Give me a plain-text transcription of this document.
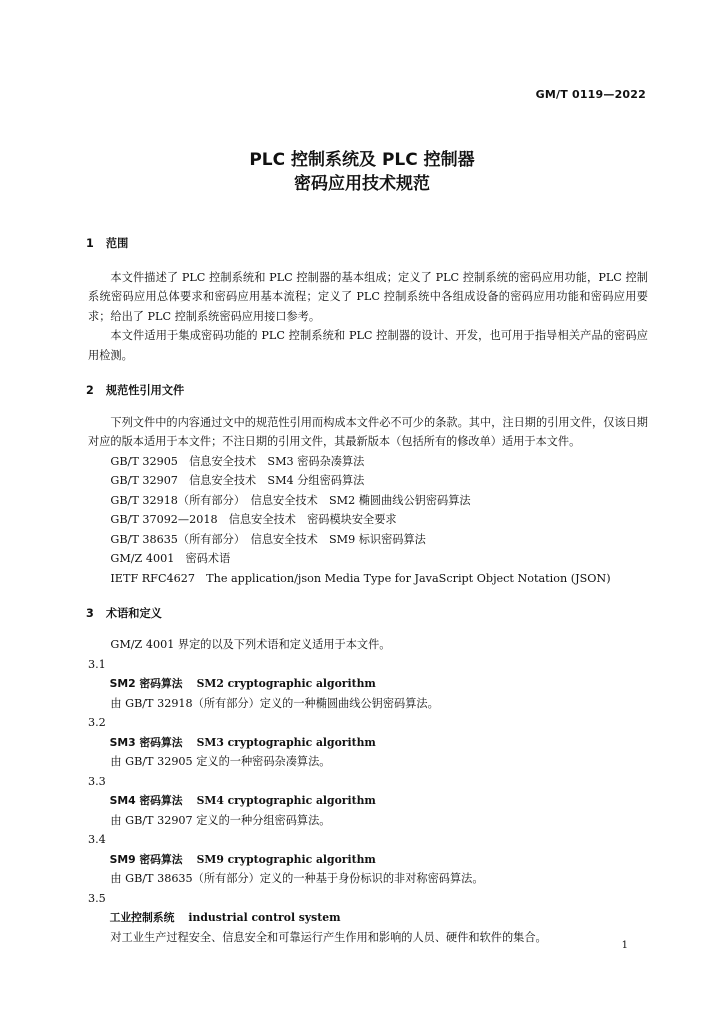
GM/T 0119—2022
PLC 控制系统及 PLC 控制器
密码应用技术规范
1 范围

本文件描述了 PLC 控制系统和 PLC 控制器的基本组成；定义了 PLC 控制系统的密码应用功能，PLC 控制系统密码应用总体要求和密码应用基本流程；定义了 PLC 控制系统中各组成设备的密码应用功能和密码应用要求；给出了 PLC 控制系统密码应用接口参考。

本文件适用于集成密码功能的 PLC 控制系统和 PLC 控制器的设计、开发，也可用于指导相关产品的密码应用检测。

2 规范性引用文件

下列文件中的内容通过文中的规范性引用而构成本文件必不可少的条款。其中，注日期的引用文件，仅该日期对应的版本适用于本文件；不注日期的引用文件，其最新版本（包括所有的修改单）适用于本文件。

GB/T 32905　信息安全技术　SM3 密码杂凑算法
GB/T 32907　信息安全技术　SM4 分组密码算法
GB/T 32918（所有部分）　信息安全技术　SM2 椭圆曲线公钥密码算法
GB/T 37092—2018　信息安全技术　密码模块安全要求
GB/T 38635（所有部分）　信息安全技术　SM9 标识密码算法
GM/Z 4001　密码术语
IETF RFC4627　The application/json Media Type for JavaScript Object Notation (JSON)
3 术语和定义

GM/Z 4001 界定的以及下列术语和定义适用于本文件。

3.1
SM2 密码算法 SM2 cryptographic algorithm
由 GB/T 32918（所有部分）定义的一种椭圆曲线公钥密码算法。
3.2
SM3 密码算法 SM3 cryptographic algorithm
由 GB/T 32905 定义的一种密码杂凑算法。
3.3
SM4 密码算法 SM4 cryptographic algorithm
由 GB/T 32907 定义的一种分组密码算法。
3.4
SM9 密码算法 SM9 cryptographic algorithm
由 GB/T 38635（所有部分）定义的一种基于身份标识的非对称密码算法。
3.5
工业控制系统 industrial control system
对工业生产过程安全、信息安全和可靠运行产生作用和影响的人员、硬件和软件的集合。
1
